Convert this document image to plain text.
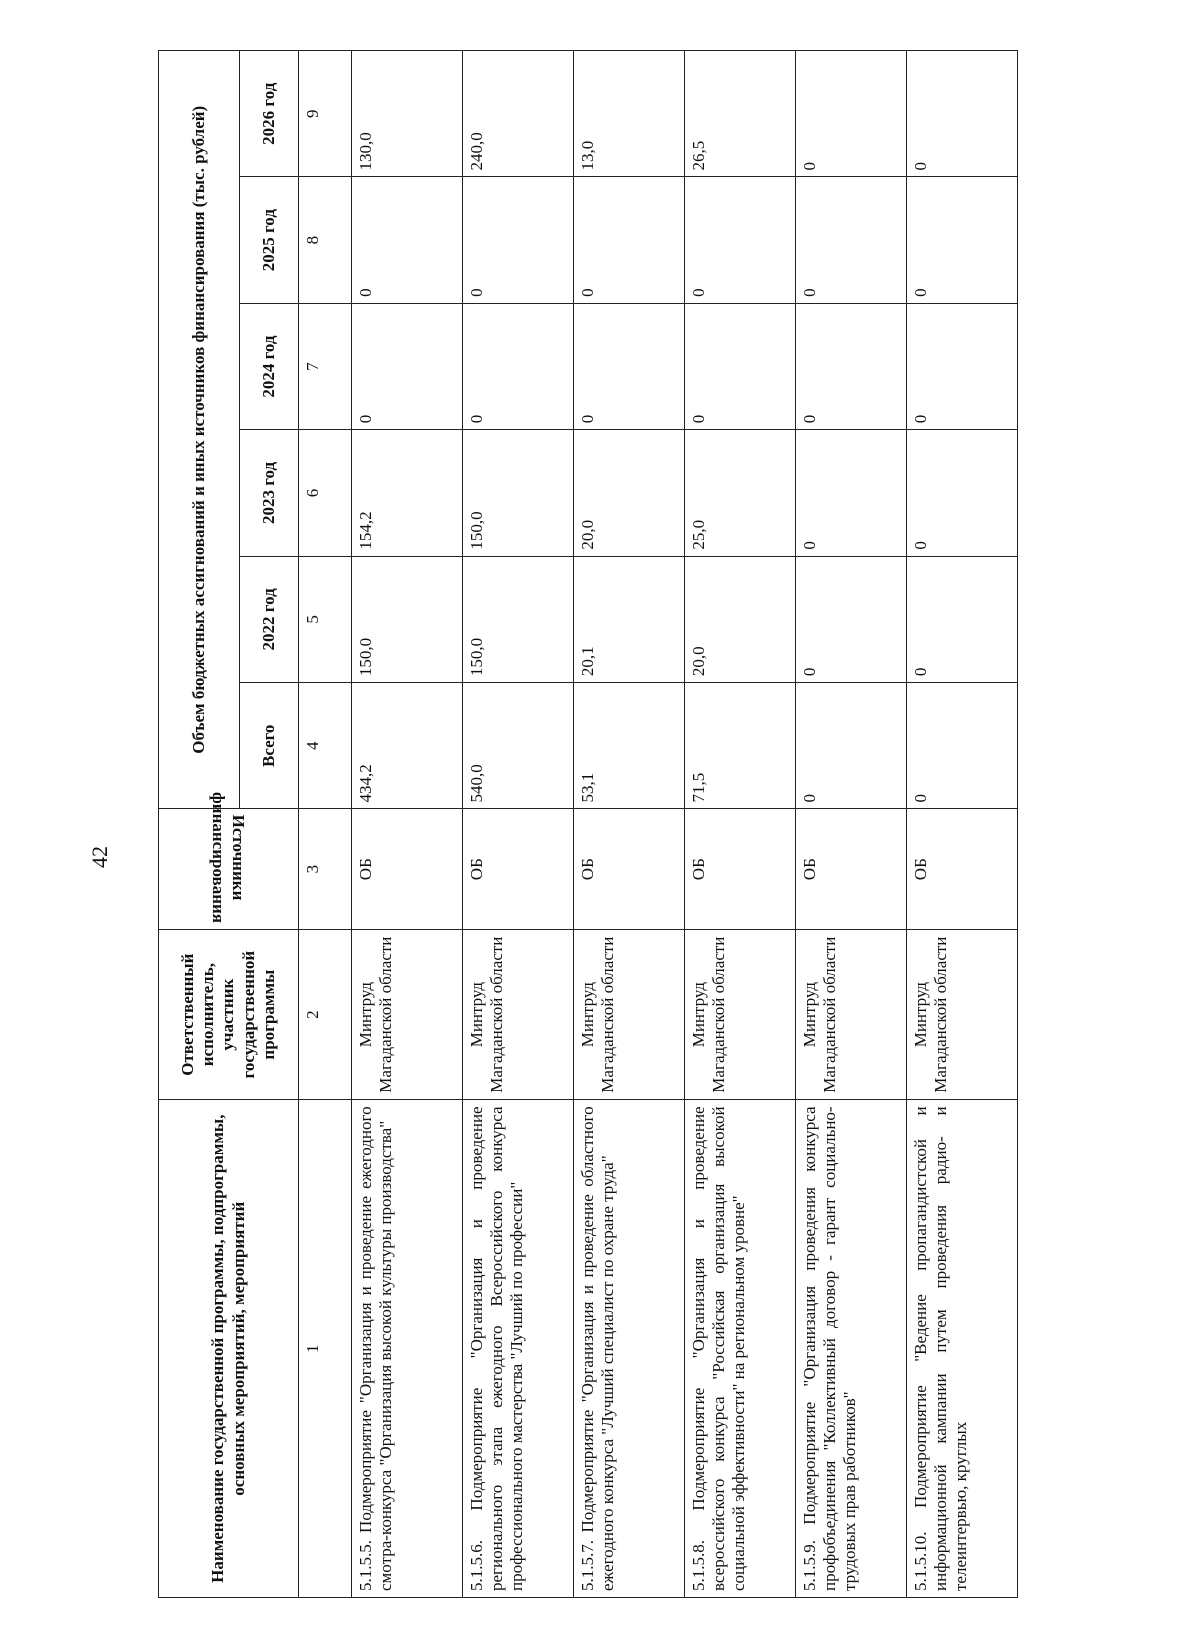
42
Наименование государственной программы, подпрограммы, основных мероприятий, мероприятий	Ответственный исполнитель, участник государственной программы	Источники финансирования	Объем бюджетных ассигнований и иных источников финансирования (тыс. рублей)					
			Всего	2022 год	2023 год	2024 год	2025 год	2026 год
1	2	3	4	5	6	7	8	9
5.1.5.5. Подмероприятие "Организация и проведение ежегодного смотра-конкурса "Организация высокой культуры производства"	Минтруд Магаданской области	ОБ	434,2	150,0	154,2	0	0	130,0
5.1.5.6. Подмероприятие "Организация и проведение регионального этапа ежегодного Всероссийского конкурса профессионального мастерства "Лучший по профессии"	Минтруд Магаданской области	ОБ	540,0	150,0	150,0	0	0	240,0
5.1.5.7. Подмероприятие "Организация и проведение областного ежегодного конкурса "Лучший специалист по охране труда"	Минтруд Магаданской области	ОБ	53,1	20,1	20,0	0	0	13,0
5.1.5.8. Подмероприятие "Организация и проведение всероссийского конкурса "Российская организация высокой социальной эффективности" на региональном уровне"	Минтруд Магаданской области	ОБ	71,5	20,0	25,0	0	0	26,5
5.1.5.9. Подмероприятие "Организация проведения конкурса профобъединения "Коллективный договор - гарант социально-трудовых прав работников"	Минтруд Магаданской области	ОБ	0	0	0	0	0	0
5.1.5.10. Подмероприятие "Ведение пропагандистской и информационной кампании путем проведения радио- и телеинтервью, круглых	Минтруд Магаданской области	ОБ	0	0	0	0	0	0
